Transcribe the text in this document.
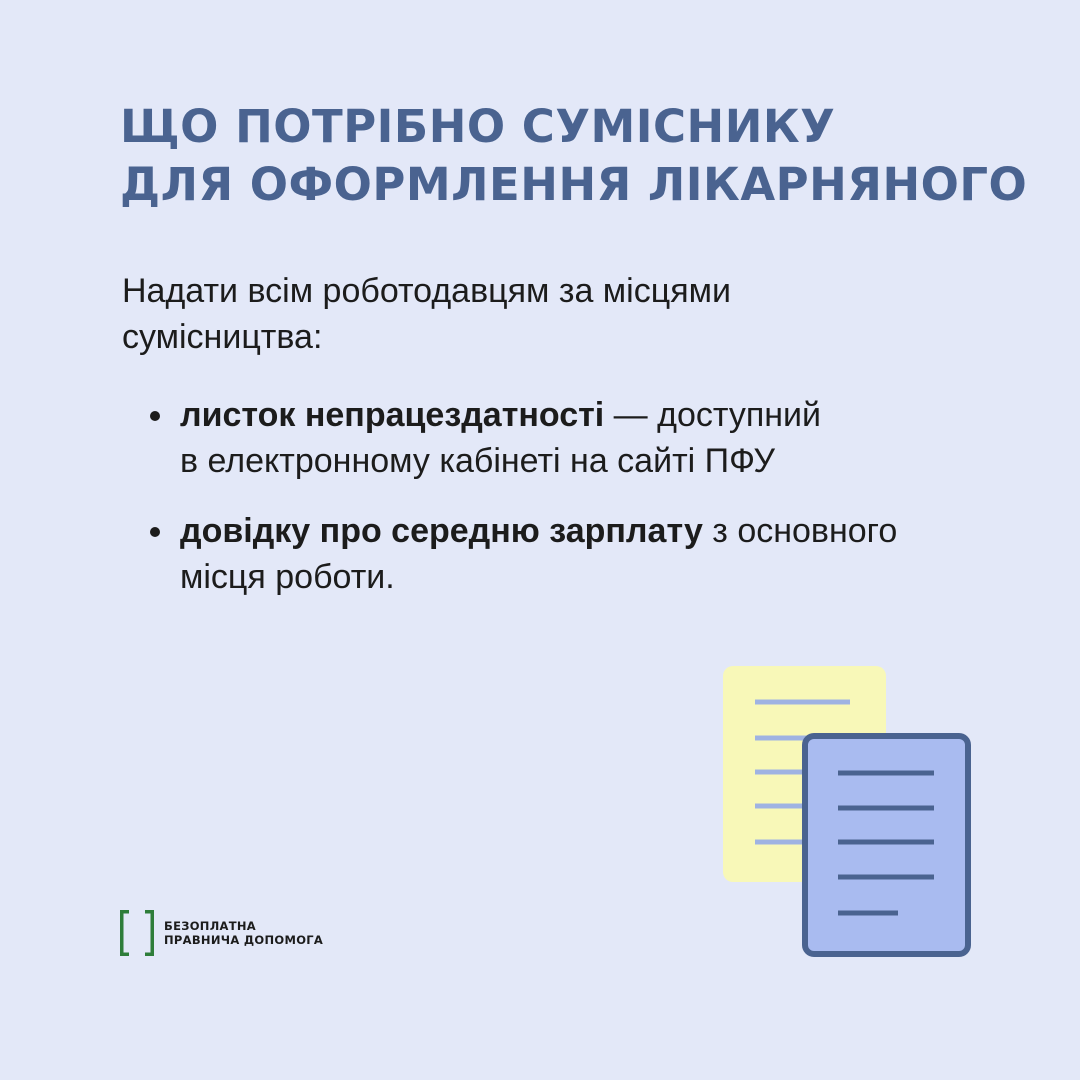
ЩО ПОТРІБНО СУМІСНИКУ
ДЛЯ ОФОРМЛЕННЯ ЛІКАРНЯНОГО

Надати всім роботодавцям за місцями
сумісництва:

листок непрацездатності — доступний
в електронному кабінеті на сайті ПФУ
довідку про середню зарплату з основного
місця роботи.
БЕЗОПЛАТНА
ПРАВНИЧА ДОПОМОГА
